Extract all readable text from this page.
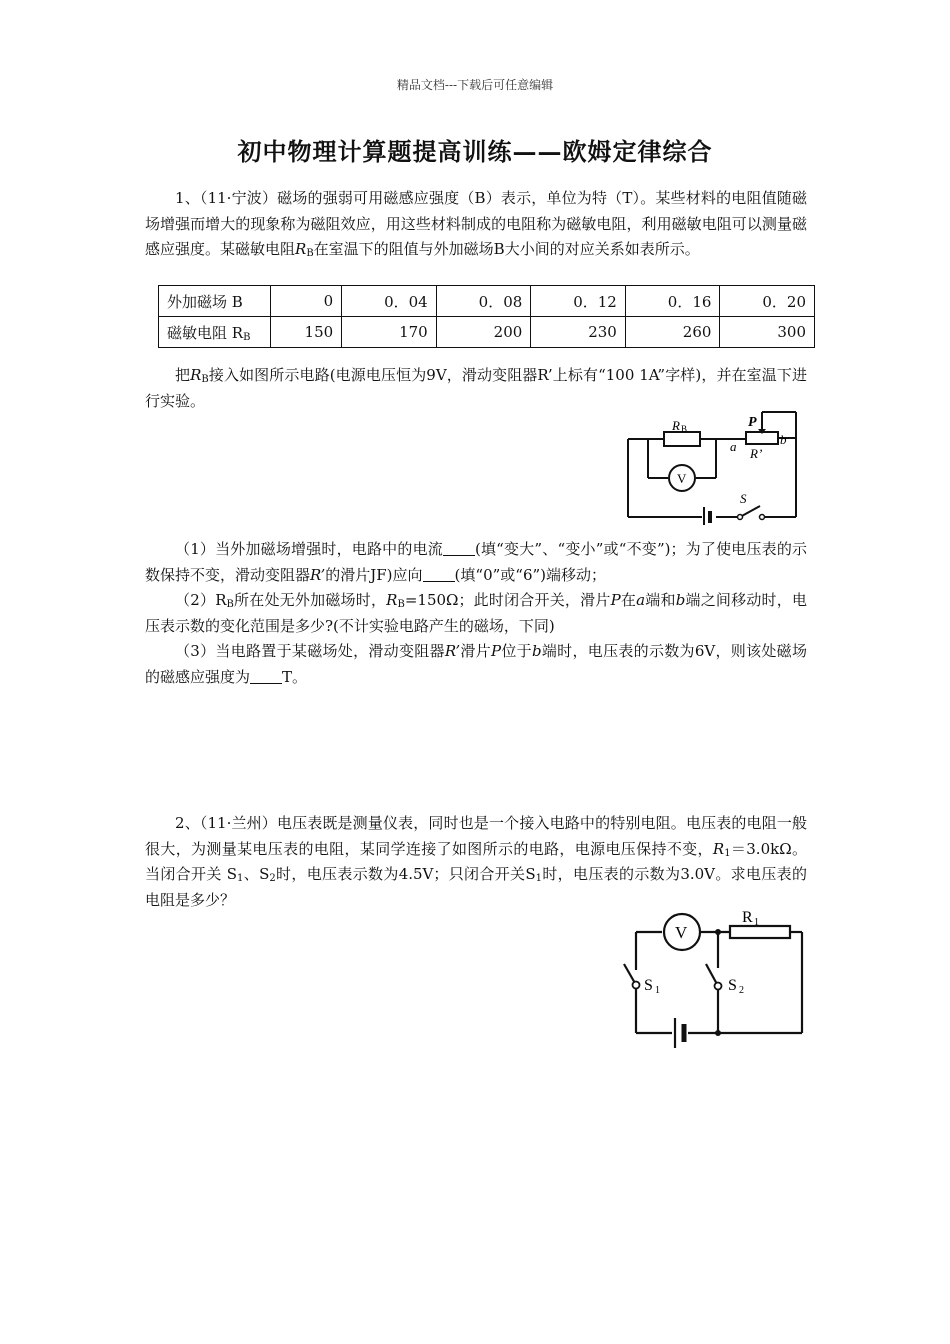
精品文档---下载后可任意编辑
初中物理计算题提高训练——欧姆定律综合
1、（11·宁波）磁场的强弱可用磁感应强度（B）表示，单位为特（T）。某些材料的电阻值随磁场增强而增大的现象称为磁阻效应，用这些材料制成的电阻称为磁敏电阻，利用磁敏电阻可以测量磁感应强度。某磁敏电阻$R_B$在室温下的阻值与外加磁场B大小间的对应关系如表所示。
外加磁场 B	0	0．04	0．08	0．12	0．16	0．20
磁敏电阻 $R_B$	150	170	200	230	260	300
把$R_B$接入如图所示电路(电源电压恒为9V，滑动变阻器R’上标有“100 1A”字样)，并在室温下进行实验。
R B	P
a	b
R’
V
S
（1）当外加磁场增强时，电路中的电流 (填“变大”、“变小”或“不变”)；为了使电压表的示数保持不变，滑动变阻器R’的滑片JF)应向 (填“0”或“6”)端移动；
$(2)R_B$所在处无外加磁场时，$R_B=150\Omega$；此时闭合开关，滑片P在a端和b端之间移动时，电压表示数的变化范围是多少?(不计实验电路产生的磁场，下同)
（3）当电路置于某磁场处，滑动变阻器R’滑片P位于b端时，电压表的示数为6V，则该处磁场的磁感应强度为 T。
2、（11·兰州）电压表既是测量仪表，同时也是一个接入电路中的特别电阻。电压表的电阻一般很大，为测量某电压表的电阻，某同学连接了如图所示的电路，电源电压保持不变，$R_1=3.0k\Omega$。当闭合开关 $S_1$、$S_2$时，电压表示数为4.5V；只闭合开关$S_1$时，电压表的示数为3.0V。求电压表的电阻是多少？
V
R 1
S 1	S 2
